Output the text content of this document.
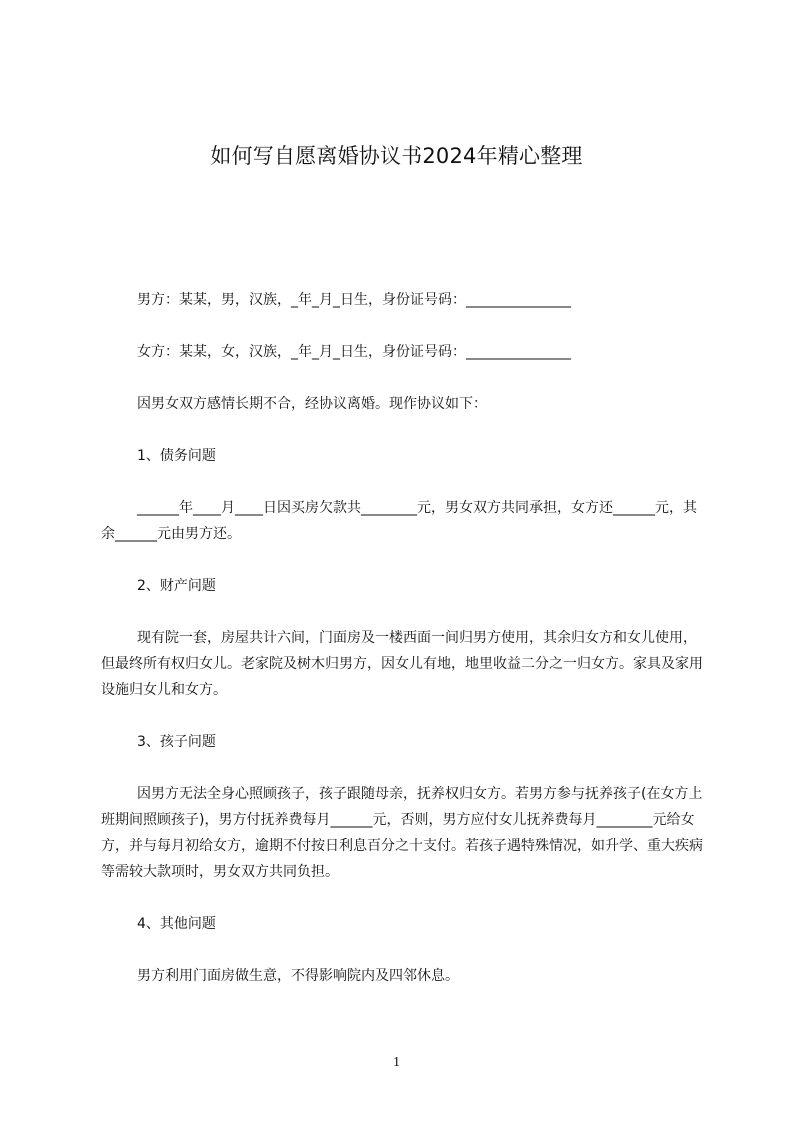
如何写自愿离婚协议书2024年精心整理

男方：某某，男，汉族，_年_月_日生，身份证号码：_______________

女方：某某，女，汉族，_年_月_日生，身份证号码：_______________

因男女双方感情长期不合，经协议离婚。现作协议如下：

1、债务问题

______年____月____日因买房欠款共________元，男女双方共同承担，女方还______元，其余______元由男方还。

2、财产问题

现有院一套，房屋共计六间，门面房及一楼西面一间归男方使用，其余归女方和女儿使用，但最终所有权归女儿。老家院及树木归男方，因女儿有地，地里收益二分之一归女方。家具及家用设施归女儿和女方。

3、孩子问题

因男方无法全身心照顾孩子，孩子跟随母亲，抚养权归女方。若男方参与抚养孩子(在女方上班期间照顾孩子)，男方付抚养费每月______元，否则，男方应付女儿抚养费每月________元给女方，并与每月初给女方，逾期不付按日利息百分之十支付。若孩子遇特殊情况，如升学、重大疾病等需较大款项时，男女双方共同负担。

4、其他问题

男方利用门面房做生意，不得影响院内及四邻休息。

1
